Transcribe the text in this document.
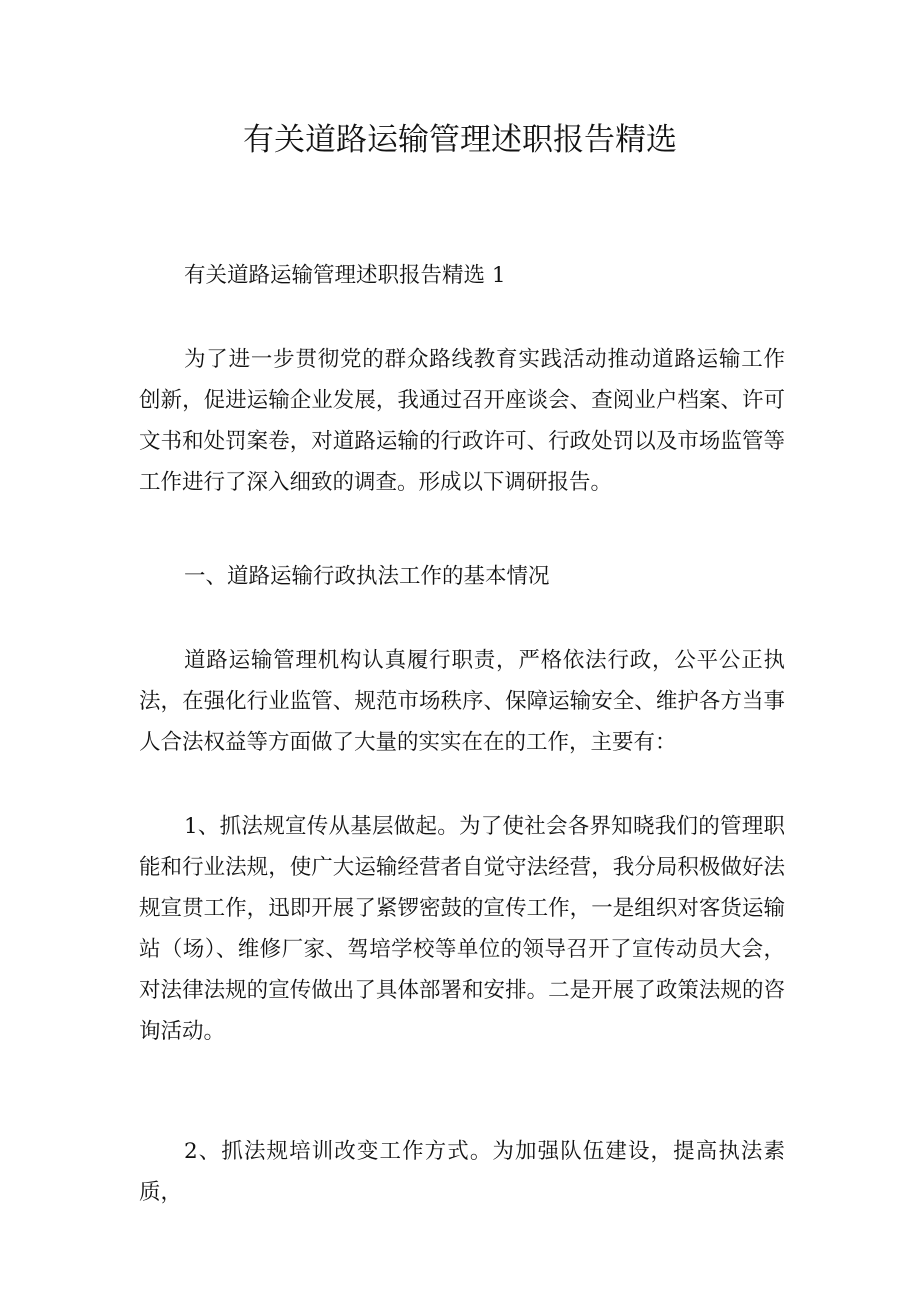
有关道路运输管理述职报告精选

有关道路运输管理述职报告精选 1

为了进一步贯彻党的群众路线教育实践活动推动道路运输工作创新，促进运输企业发展，我通过召开座谈会、查阅业户档案、许可文书和处罚案卷，对道路运输的行政许可、行政处罚以及市场监管等工作进行了深入细致的调查。形成以下调研报告。

一、道路运输行政执法工作的基本情况

道路运输管理机构认真履行职责，严格依法行政，公平公正执法，在强化行业监管、规范市场秩序、保障运输安全、维护各方当事人合法权益等方面做了大量的实实在在的工作，主要有：

1、抓法规宣传从基层做起。为了使社会各界知晓我们的管理职能和行业法规，使广大运输经营者自觉守法经营，我分局积极做好法规宣贯工作，迅即开展了紧锣密鼓的宣传工作，一是组织对客货运输站（场）、维修厂家、驾培学校等单位的领导召开了宣传动员大会，对法律法规的宣传做出了具体部署和安排。二是开展了政策法规的咨询活动。

2、抓法规培训改变工作方式。为加强队伍建设，提高执法素质，
